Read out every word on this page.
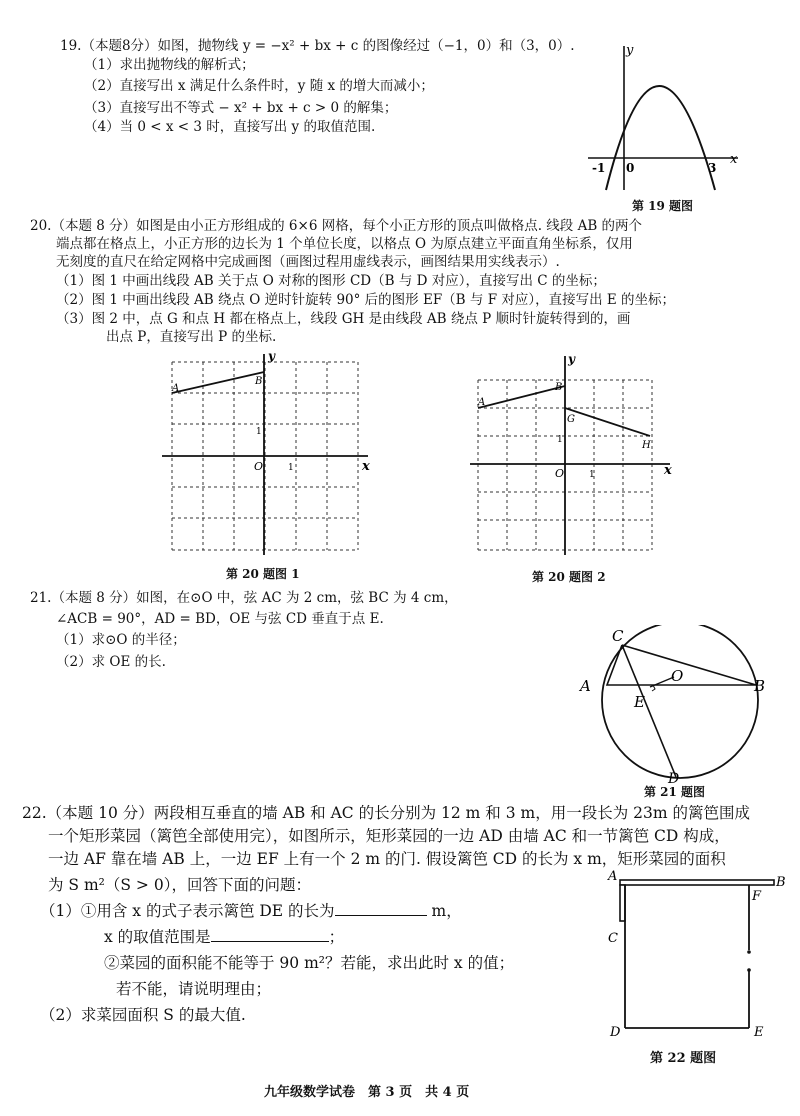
19.（本题8分）如图，抛物线 y = −x² + bx + c 的图像经过（−1，0）和（3，0）.
（1）求出抛物线的解析式；
（2）直接写出 x 满足什么条件时，y 随 x 的增大而减小；
（3）直接写出不等式 − x² + bx + c > 0 的解集；
（4）当 0 < x < 3 时，直接写出 y 的取值范围.
y
x
-1 0	3
第 19 题图
20.（本题 8 分）如图是由小正方形组成的 6×6 网格，每个小正方形的顶点叫做格点. 线段 AB 的两个
端点都在格点上，小正方形的边长为 1 个单位长度，以格点 O 为原点建立平面直角坐标系，仅用
无刻度的直尺在给定网格中完成画图（画图过程用虚线表示，画图结果用实线表示）.
（1）图 1 中画出线段 AB 关于点 O 对称的图形 CD（B 与 D 对应），直接写出 C 的坐标；
（2）图 1 中画出线段 AB 绕点 O 逆时针旋转 90° 后的图形 EF（B 与 F 对应），直接写出 E 的坐标；
（3）图 2 中，点 G 和点 H 都在格点上，线段 GH 是由线段 AB 绕点 P 顺时针旋转得到的，画
出点 P，直接写出 P 的坐标.
y
x
A
B
O
1
1
第 20 题图 1
y
x
A
B
G
H
O
1
1
第 20 题图 2
21.（本题 8 分）如图，在⊙O 中，弦 AC 为 2 cm，弦 BC 为 4 cm，
∠ACB = 90°，AD = BD，OE 与弦 CD 垂直于点 E.
（1）求⊙O 的半径；
（2）求 OE 的长.
C
A	B
O
E
D
第 21 题图
22.（本题 10 分）两段相互垂直的墙 AB 和 AC 的长分别为 12 m 和 3 m，用一段长为 23m 的篱笆围成
一个矩形菜园（篱笆全部使用完），如图所示，矩形菜园的一边 AD 由墙 AC 和一节篱笆 CD 构成，
一边 AF 靠在墙 AB 上，一边 EF 上有一个 2 m 的门. 假设篱笆 CD 的长为 x m，矩形菜园的面积
为 S m²（S > 0），回答下面的问题：
（1）①用含 x 的式子表示篱笆 DE 的长为	m，
x 的取值范围是	；
②菜园的面积能不能等于 90 m²？若能，求出此时 x 的值；
若不能，请说明理由；
（2）求菜园面积 S 的最大值.
A	B
C
F
D	E
第 22 题图
九年级数学试卷　第 3 页　共 4 页
